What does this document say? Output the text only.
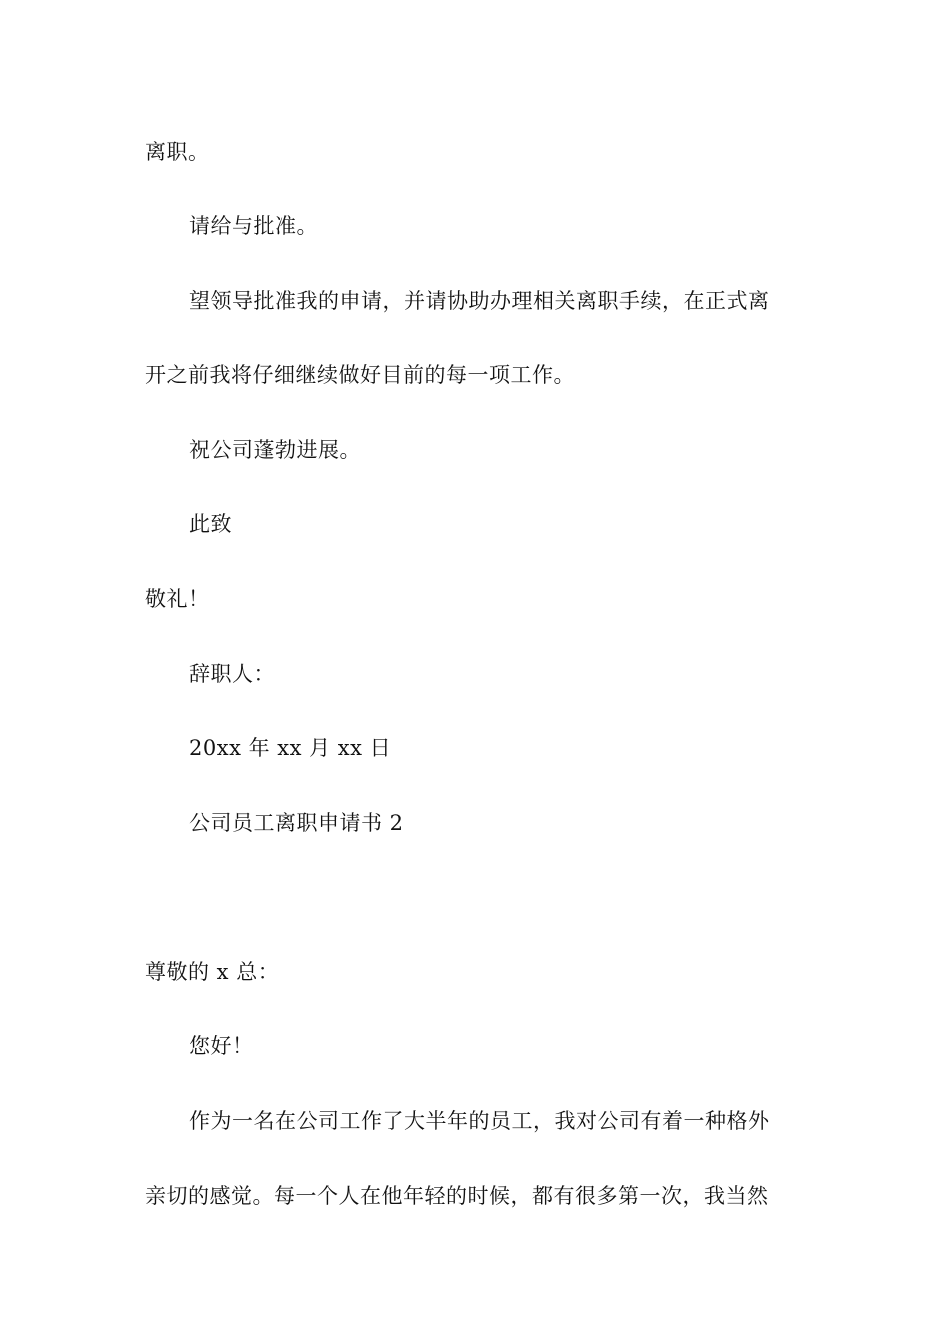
离职。

请给与批准。

望领导批准我的申请，并请协助办理相关离职手续，在正式离

开之前我将仔细继续做好目前的每一项工作。

祝公司蓬勃进展。

此致

敬礼！

辞职人：

20xx 年 xx 月 xx 日

公司员工离职申请书 2

尊敬的 x 总：

您好！

作为一名在公司工作了大半年的员工，我对公司有着一种格外

亲切的感觉。每一个人在他年轻的时候，都有很多第一次，我当然
